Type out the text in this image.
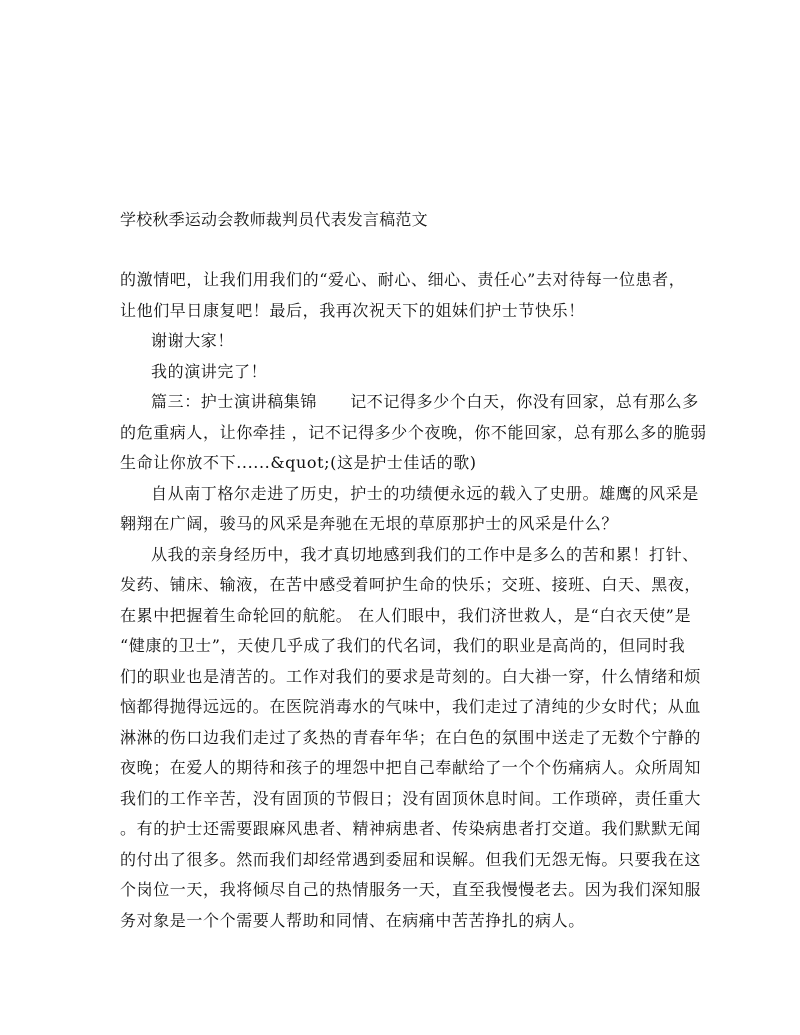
学校秋季运动会教师裁判员代表发言稿范文
的激情吧，让我们用我们的“爱心、耐心、细心、责任心”去对待每一位患者，
让他们早日康复吧！最后，我再次祝天下的姐妹们护士节快乐！
谢谢大家！
我的演讲完了！
篇三：护士演讲稿集锦　　记不记得多少个白天，你没有回家，总有那么多
的危重病人，让你牵挂 ，记不记得多少个夜晚，你不能回家，总有那么多的脆弱
生命让你放不下......&quot;(这是护士佳话的歌)
自从南丁格尔走进了历史，护士的功绩便永远的载入了史册。雄鹰的风采是
翱翔在广阔，骏马的风采是奔驰在无垠的草原那护士的风采是什么？
从我的亲身经历中，我才真切地感到我们的工作中是多么的苦和累！打针、
发药、铺床、输液，在苦中感受着呵护生命的快乐；交班、接班、白天、黑夜，
在累中把握着生命轮回的航舵。 在人们眼中，我们济世救人，是“白衣天使”是
“健康的卫士”，天使几乎成了我们的代名词，我们的职业是高尚的，但同时我
们的职业也是清苦的。工作对我们的要求是苛刻的。白大褂一穿，什么情绪和烦
恼都得抛得远远的。在医院消毒水的气味中，我们走过了清纯的少女时代；从血
淋淋的伤口边我们走过了炙热的青春年华；在白色的氛围中送走了无数个宁静的
夜晚；在爱人的期待和孩子的埋怨中把自己奉献给了一个个伤痛病人。众所周知
我们的工作辛苦，没有固顶的节假日；没有固顶休息时间。工作琐碎，责任重大
。有的护士还需要跟麻风患者、精神病患者、传染病患者打交道。我们默默无闻
的付出了很多。然而我们却经常遇到委屈和误解。但我们无怨无悔。只要我在这
个岗位一天，我将倾尽自己的热情服务一天，直至我慢慢老去。因为我们深知服
务对象是一个个需要人帮助和同情、在病痛中苦苦挣扎的病人。
